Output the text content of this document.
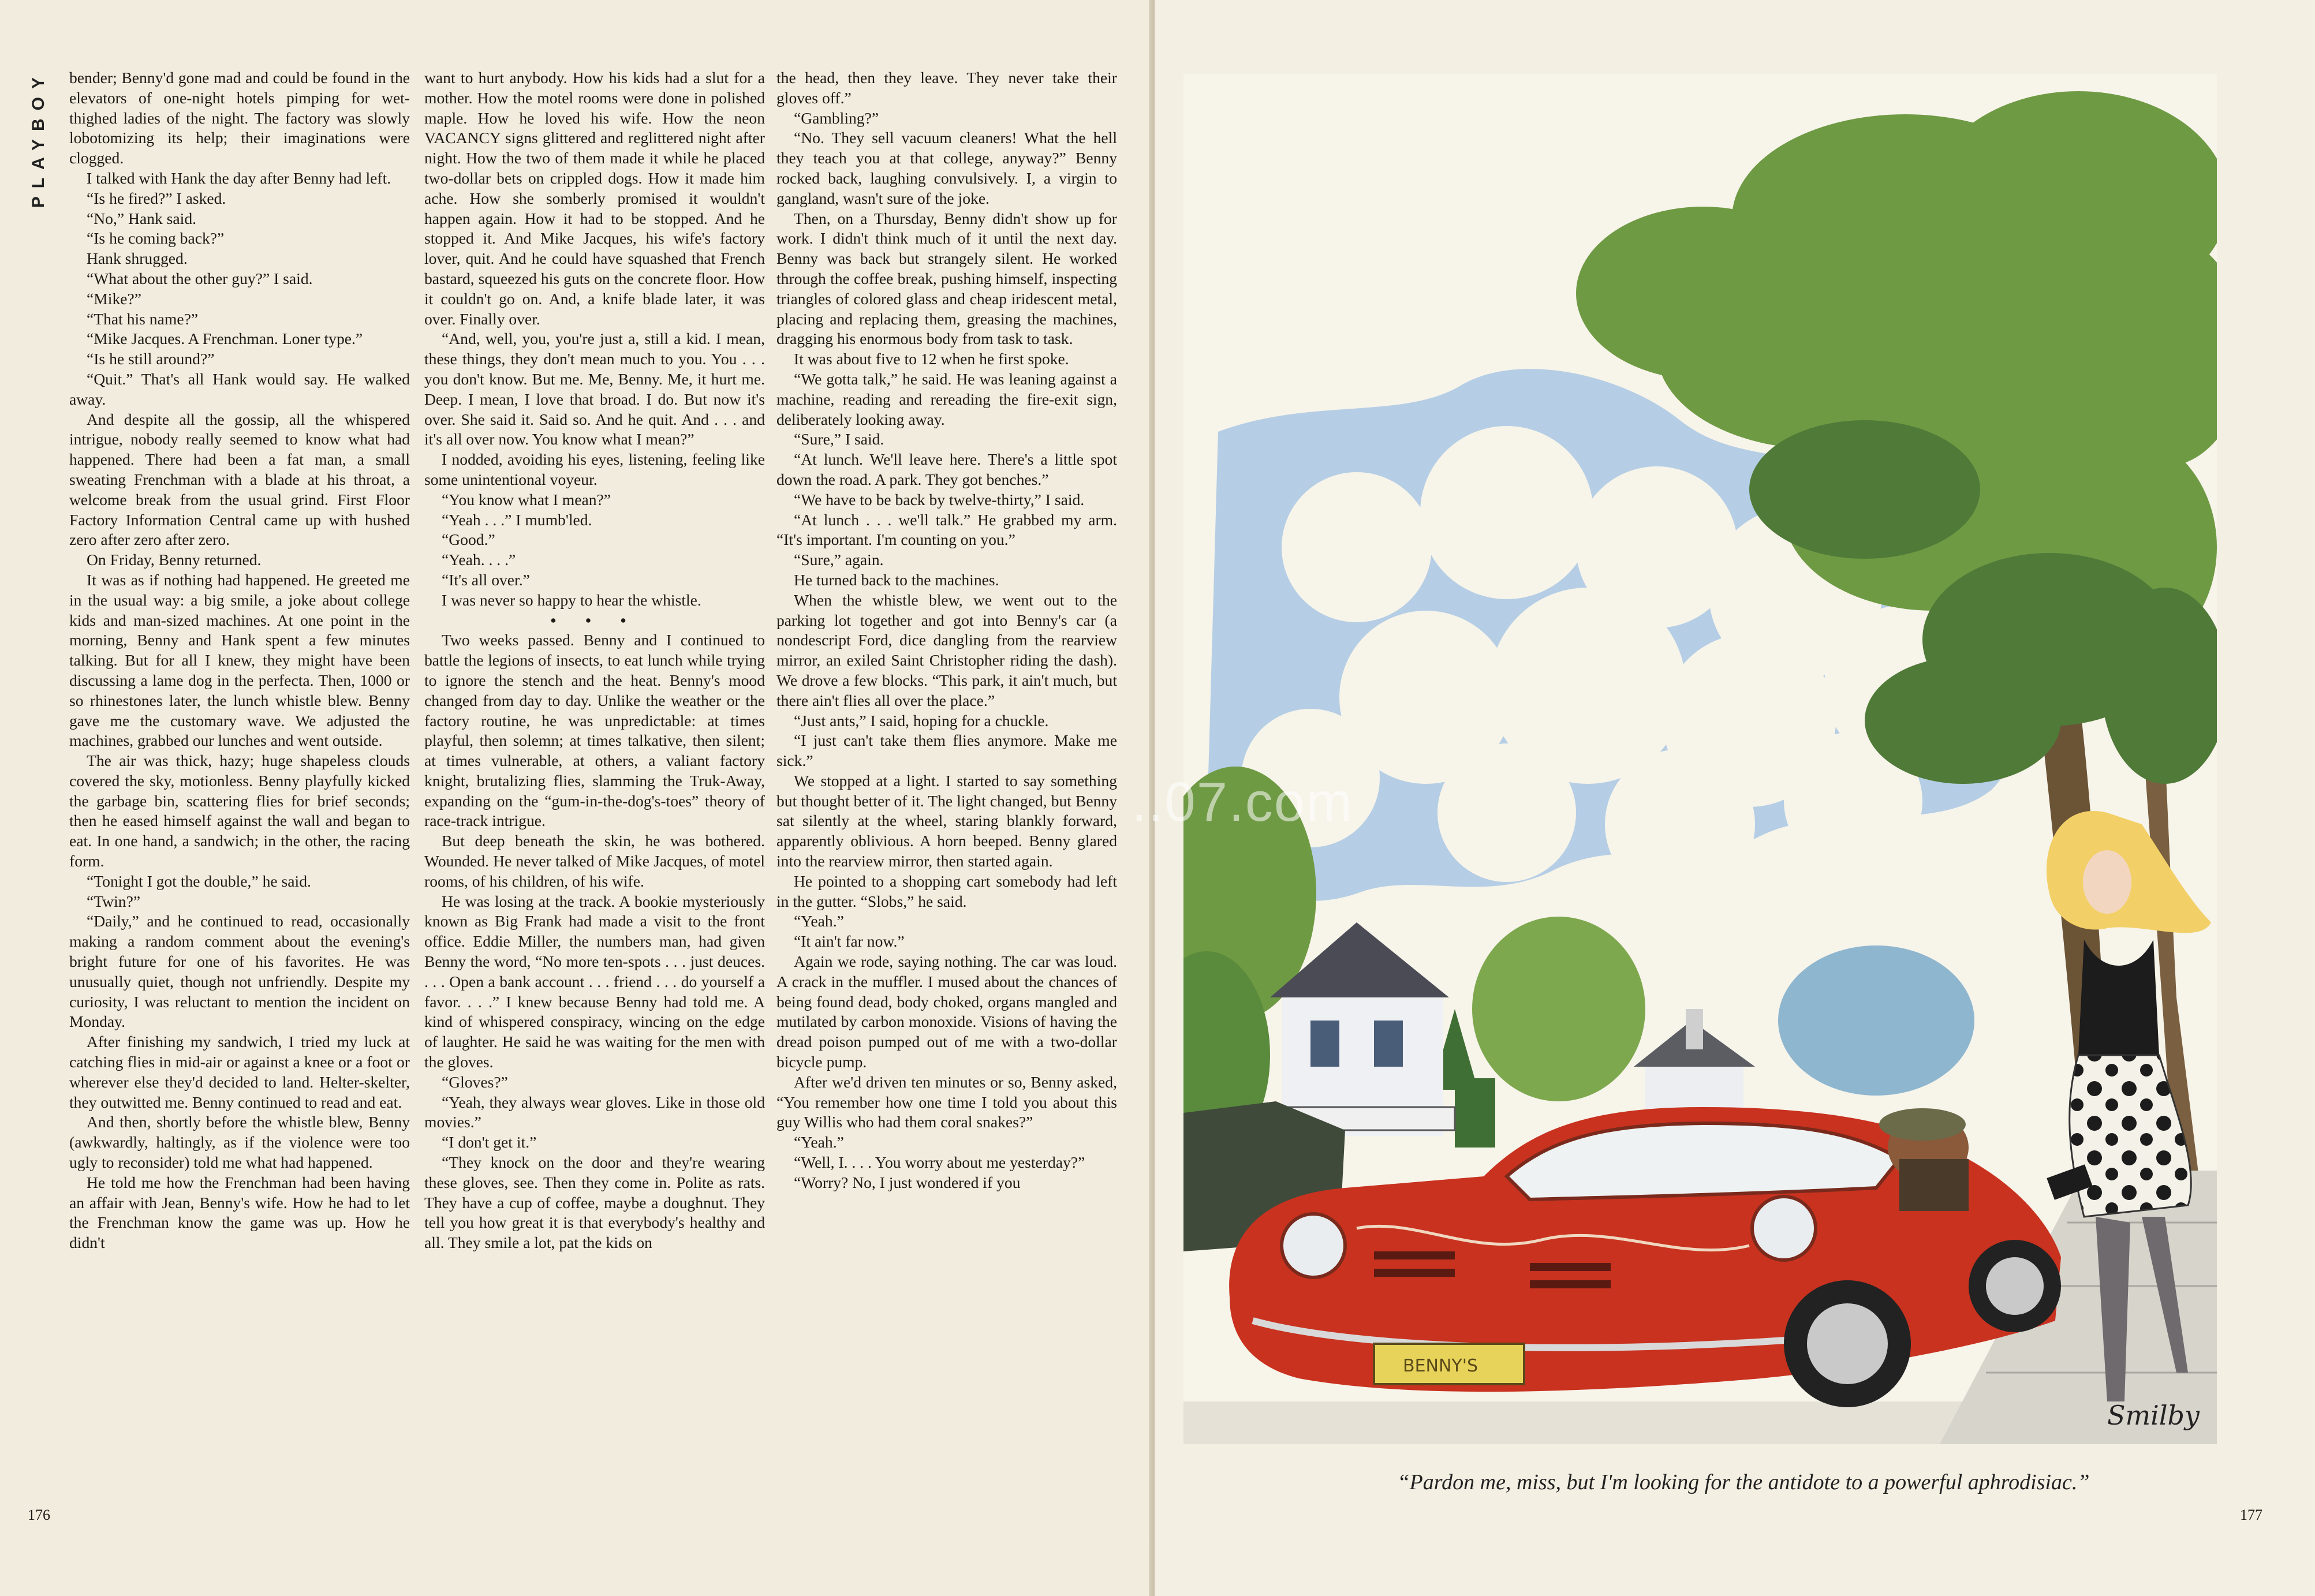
PLAYBOY bender; Benny'd gone mad and could be found in the elevators of one-night hotels pimping for wet-thighed ladies of the night. The factory was slowly lobotomizing its help; their imaginations were clogged.

I talked with Hank the day after Benny had left.

“Is he fired?” I asked.

“No,” Hank said.

“Is he coming back?”

Hank shrugged.

“What about the other guy?” I said.

“Mike?”

“That his name?”

“Mike Jacques. A Frenchman. Loner type.”

“Is he still around?”

“Quit.” That's all Hank would say. He walked away.

And despite all the gossip, all the whispered intrigue, nobody really seemed to know what had happened. There had been a fat man, a small sweating Frenchman with a blade at his throat, a welcome break from the usual grind. First Floor Factory Information Central came up with hushed zero after zero after zero.

On Friday, Benny returned.

It was as if nothing had happened. He greeted me in the usual way: a big smile, a joke about college kids and man-sized machines. At one point in the morning, Benny and Hank spent a few minutes talking. But for all I knew, they might have been discussing a lame dog in the perfecta. Then, 1000 or so rhinestones later, the lunch whistle blew. Benny gave me the customary wave. We adjusted the machines, grabbed our lunches and went outside.

The air was thick, hazy; huge shapeless clouds covered the sky, motionless. Benny playfully kicked the garbage bin, scattering flies for brief seconds; then he eased himself against the wall and began to eat. In one hand, a sandwich; in the other, the racing form.

“Tonight I got the double,” he said.

“Twin?”

“Daily,” and he continued to read, occasionally making a random comment about the evening's bright future for one of his favorites. He was unusually quiet, though not unfriendly. Despite my curiosity, I was reluctant to mention the incident on Monday.

After finishing my sandwich, I tried my luck at catching flies in mid-air or against a knee or a foot or wherever else they'd decided to land. Helter-skelter, they outwitted me. Benny continued to read and eat.

And then, shortly before the whistle blew, Benny (awkwardly, haltingly, as if the violence were too ugly to reconsider) told me what had happened.

He told me how the Frenchman had been having an affair with Jean, Benny's wife. How he had to let the Frenchman know the game was up. How he didn't

want to hurt anybody. How his kids had a slut for a mother. How the motel rooms were done in polished maple. How he loved his wife. How the neon VACANCY signs glittered and reglittered night after night. How the two of them made it while he placed two-dollar bets on crippled dogs. How it made him ache. How she somberly promised it wouldn't happen again. How it had to be stopped. And he stopped it. And Mike Jacques, his wife's factory lover, quit. And he could have squashed that French bastard, squeezed his guts on the concrete floor. How it couldn't go on. And, a knife blade later, it was over. Finally over.

“And, well, you, you're just a, still a kid. I mean, these things, they don't mean much to you. You . . . you don't know. But me. Me, Benny. Me, it hurt me. Deep. I mean, I love that broad. I do. But now it's over. She said it. Said so. And he quit. And . . . and it's all over now. You know what I mean?”

I nodded, avoiding his eyes, listening, feeling like some unintentional voyeur.

“You know what I mean?”

“Yeah . . .” I mumb'led.

“Good.”

“Yeah. . . .”

“It's all over.”

I was never so happy to hear the whistle.

• • •

Two weeks passed. Benny and I continued to battle the legions of insects, to eat lunch while trying to ignore the stench and the heat. Benny's mood changed from day to day. Unlike the weather or the factory routine, he was unpredictable: at times playful, then solemn; at times talkative, then silent; at times vulnerable, at others, a valiant factory knight, brutalizing flies, slamming the Truk-Away, expanding on the “gum-in-the-dog's-toes” theory of race-track intrigue.

But deep beneath the skin, he was bothered. Wounded. He never talked of Mike Jacques, of motel rooms, of his children, of his wife.

He was losing at the track. A bookie mysteriously known as Big Frank had made a visit to the front office. Eddie Miller, the numbers man, had given Benny the word, “No more ten-spots . . . just deuces. . . . Open a bank account . . . friend . . . do yourself a favor. . . .” I knew because Benny had told me. A kind of whispered conspiracy, wincing on the edge of laughter. He said he was waiting for the men with the gloves.

“Gloves?”

“Yeah, they always wear gloves. Like in those old movies.”

“I don't get it.”

“They knock on the door and they're wearing these gloves, see. Then they come in. Polite as rats. They have a cup of coffee, maybe a doughnut. They tell you how great it is that everybody's healthy and all. They smile a lot, pat the kids on

the head, then they leave. They never take their gloves off.”

“Gambling?”

“No. They sell vacuum cleaners! What the hell they teach you at that college, anyway?” Benny rocked back, laughing convulsively. I, a virgin to gangland, wasn't sure of the joke.

Then, on a Thursday, Benny didn't show up for work. I didn't think much of it until the next day. Benny was back but strangely silent. He worked through the coffee break, pushing himself, inspecting triangles of colored glass and cheap iridescent metal, placing and replacing them, greasing the machines, dragging his enormous body from task to task.

It was about five to 12 when he first spoke.

“We gotta talk,” he said. He was leaning against a machine, reading and rereading the fire-exit sign, deliberately looking away.

“Sure,” I said.

“At lunch. We'll leave here. There's a little spot down the road. A park. They got benches.”

“We have to be back by twelve-thirty,” I said.

“At lunch . . . we'll talk.” He grabbed my arm. “It's important. I'm counting on you.”

“Sure,” again.

He turned back to the machines.

When the whistle blew, we went out to the parking lot together and got into Benny's car (a nondescript Ford, dice dangling from the rearview mirror, an exiled Saint Christopher riding the dash). We drove a few blocks. “This park, it ain't much, but there ain't flies all over the place.”

“Just ants,” I said, hoping for a chuckle.

“I just can't take them flies anymore. Make me sick.”

We stopped at a light. I started to say something but thought better of it. The light changed, but Benny sat silently at the wheel, staring blankly forward, apparently oblivious. A horn beeped. Benny glared into the rearview mirror, then started again.

He pointed to a shopping cart somebody had left in the gutter. “Slobs,” he said.

“Yeah.”

“It ain't far now.”

Again we rode, saying nothing. The car was loud. A crack in the muffler. I mused about the chances of being found dead, body choked, organs mangled and mutilated by carbon monoxide. Visions of having the dread poison pumped out of me with a two-dollar bicycle pump.

After we'd driven ten minutes or so, Benny asked, “You remember how one time I told you about this guy Willis who had them coral snakes?”

“Yeah.”

“Well, I. . . . You worry about me yesterday?”

“Worry? No, I just wondered if you

176
Smilby
BENNY'S
“Pardon me, miss, but I'm looking for the antidote to a powerful aphrodisiac.”
177
..07.com
